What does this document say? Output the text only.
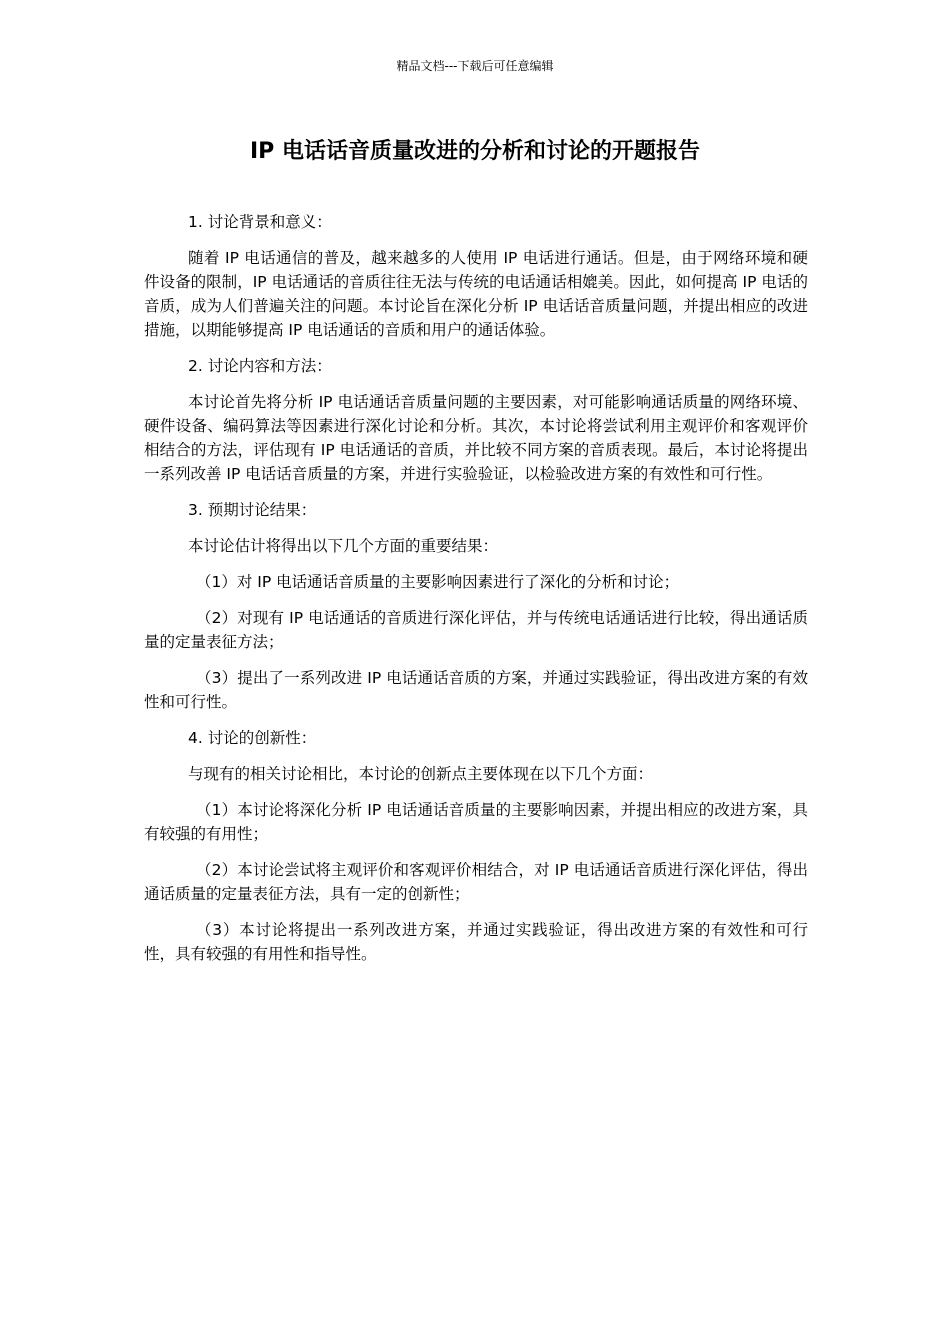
精品文档---下载后可任意编辑
IP 电话话音质量改进的分析和讨论的开题报告

1. 讨论背景和意义：

随着 IP 电话通信的普及，越来越多的人使用 IP 电话进行通话。但是，由于网络环境和硬件设备的限制，IP 电话通话的音质往往无法与传统的电话通话相媲美。因此，如何提高 IP 电话的音质，成为人们普遍关注的问题。本讨论旨在深化分析 IP 电话话音质量问题，并提出相应的改进措施，以期能够提高 IP 电话通话的音质和用户的通话体验。

2. 讨论内容和方法：

本讨论首先将分析 IP 电话通话音质量问题的主要因素，对可能影响通话质量的网络环境、硬件设备、编码算法等因素进行深化讨论和分析。其次，本讨论将尝试利用主观评价和客观评价相结合的方法，评估现有 IP 电话通话的音质，并比较不同方案的音质表现。最后，本讨论将提出一系列改善 IP 电话话音质量的方案，并进行实验验证，以检验改进方案的有效性和可行性。

3. 预期讨论结果：

本讨论估计将得出以下几个方面的重要结果：

（1）对 IP 电话通话音质量的主要影响因素进行了深化的分析和讨论；

（2）对现有 IP 电话通话的音质进行深化评估，并与传统电话通话进行比较，得出通话质量的定量表征方法；

（3）提出了一系列改进 IP 电话通话音质的方案，并通过实践验证，得出改进方案的有效性和可行性。

4. 讨论的创新性：

与现有的相关讨论相比，本讨论的创新点主要体现在以下几个方面：

（1）本讨论将深化分析 IP 电话通话音质量的主要影响因素，并提出相应的改进方案，具有较强的有用性；

（2）本讨论尝试将主观评价和客观评价相结合，对 IP 电话通话音质进行深化评估，得出通话质量的定量表征方法，具有一定的创新性；

（3）本讨论将提出一系列改进方案，并通过实践验证，得出改进方案的有效性和可行性，具有较强的有用性和指导性。
